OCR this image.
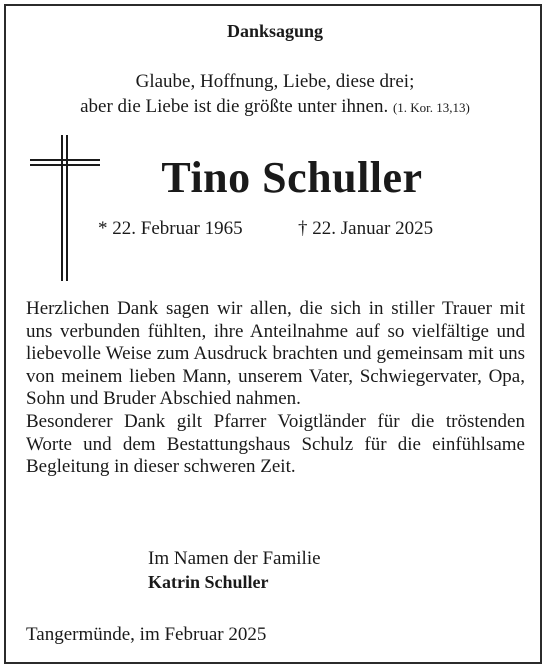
Danksagung
Glaube, Hoffnung, Liebe, diese drei;
aber die Liebe ist die größte unter ihnen. (1. Kor. 13,13)
Tino Schuller
* 22. Februar 1965	† 22. Januar 2025

Herzlichen Dank sagen wir allen, die sich in stiller Trauer mit uns verbunden fühlten, ihre Anteilnahme auf so vielfältige und liebevolle Weise zum Ausdruck brachten und gemeinsam mit uns von meinem lieben Mann, unserem Vater, Schwiegervater, Opa, Sohn und Bruder Abschied nahmen.

Besonderer Dank gilt Pfarrer Voigtländer für die tröstenden Worte und dem Bestattungshaus Schulz für die einfühlsame Begleitung in dieser schweren Zeit.

Im Namen der Familie
Katrin Schuller
Tangermünde, im Februar 2025
